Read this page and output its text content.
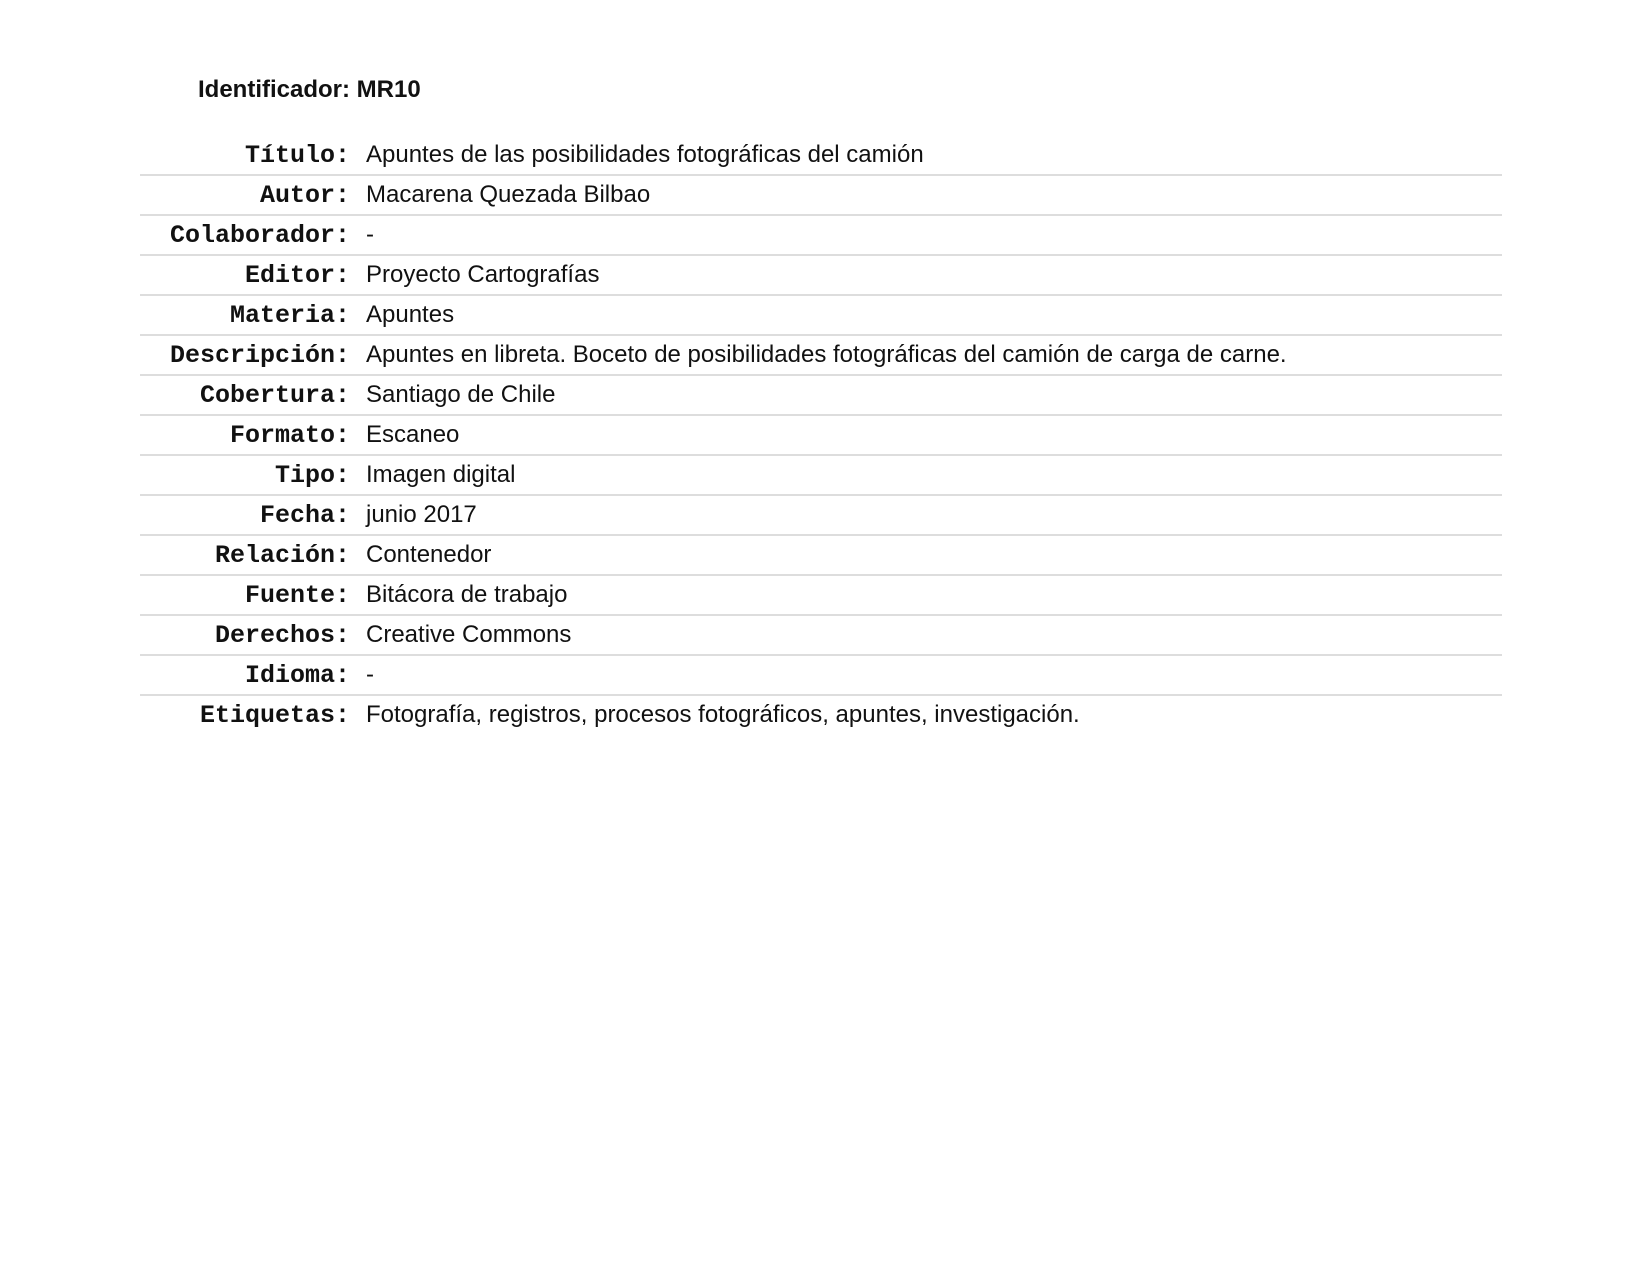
Identificador: MR10
Título:	Apuntes de las posibilidades fotográficas del camión
Autor:	Macarena Quezada Bilbao
Colaborador:	-
Editor:	Proyecto Cartografías
Materia:	Apuntes
Descripción:	Apuntes en libreta. Boceto de posibilidades fotográficas del camión de carga de carne.
Cobertura:	Santiago de Chile
Formato:	Escaneo
Tipo:	Imagen digital
Fecha:	junio 2017
Relación:	Contenedor
Fuente:	Bitácora de trabajo
Derechos:	Creative Commons
Idioma:	-
Etiquetas:	Fotografía, registros, procesos fotográficos, apuntes, investigación.
